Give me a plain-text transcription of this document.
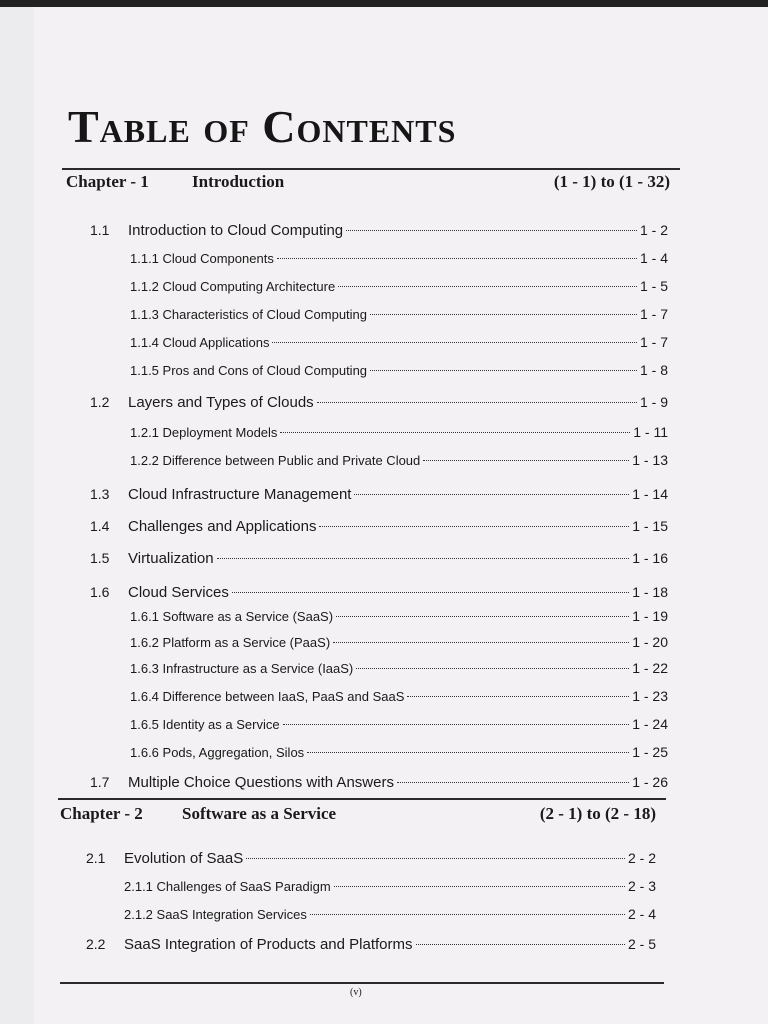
Table of Contents
Chapter - 1	Introduction	(1 - 1) to (1 - 32)
1.1 Introduction to Cloud Computing	1 - 2
1.1.1 Cloud Components	1 - 4
1.1.2 Cloud Computing Architecture	1 - 5
1.1.3 Characteristics of Cloud Computing	1 - 7
1.1.4 Cloud Applications	1 - 7
1.1.5 Pros and Cons of Cloud Computing	1 - 8
1.2 Layers and Types of Clouds	1 - 9
1.2.1 Deployment Models	1 - 11
1.2.2 Difference between Public and Private Cloud	1 - 13
1.3 Cloud Infrastructure Management	1 - 14
1.4 Challenges and Applications	1 - 15
1.5 Virtualization	1 - 16
1.6 Cloud Services	1 - 18
1.6.1 Software as a Service (SaaS)	1 - 19
1.6.2 Platform as a Service (PaaS)	1 - 20
1.6.3 Infrastructure as a Service (IaaS)	1 - 22
1.6.4 Difference between IaaS, PaaS and SaaS	1 - 23
1.6.5 Identity as a Service	1 - 24
1.6.6 Pods, Aggregation, Silos	1 - 25
1.7 Multiple Choice Questions with Answers	1 - 26
Chapter - 2 Software as a Service	(2 - 1) to (2 - 18)
2.1 Evolution of SaaS	2 - 2
2.1.1 Challenges of SaaS Paradigm	2 - 3
2.1.2 SaaS Integration Services	2 - 4
2.2 SaaS Integration of Products and Platforms	2 - 5
(v)
